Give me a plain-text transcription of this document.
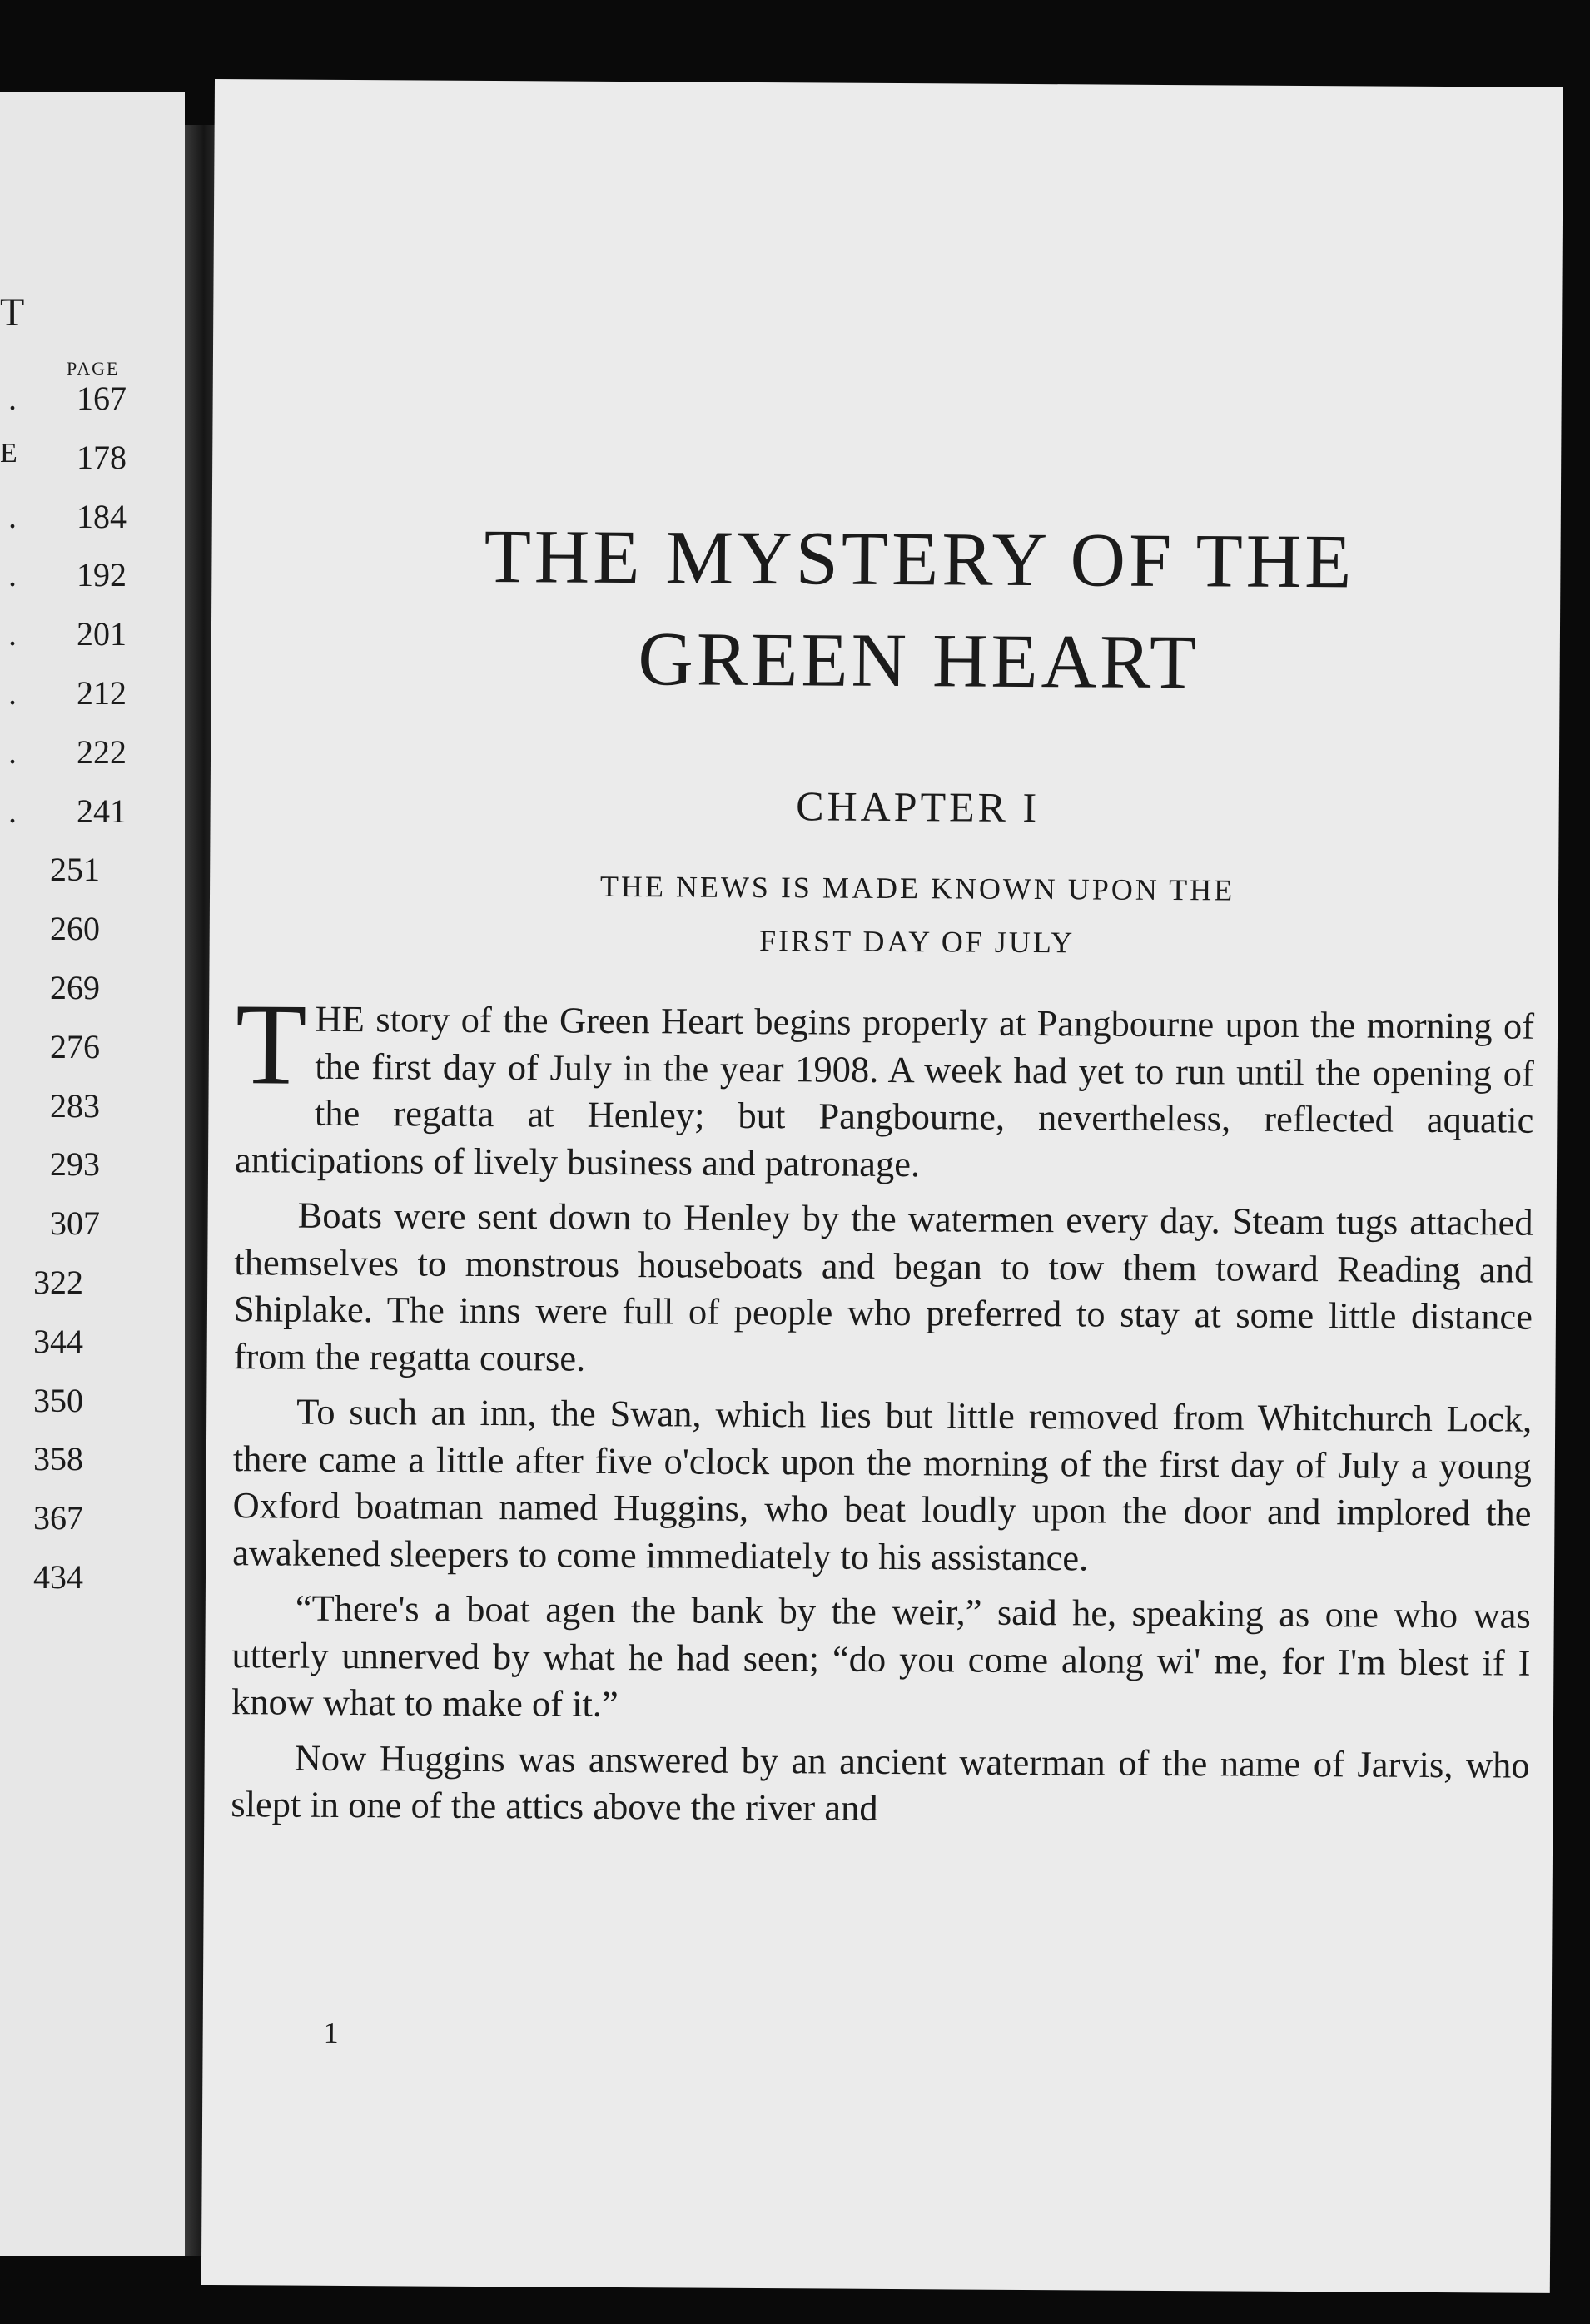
T
PAGE
. 167
E 178
. 184
. 192
. 201
. 212
. 222
. 241
251
260
269
276
283
293
307
322
344
350
358
367
434
THE MYSTERY OF THE
GREEN HEART
CHAPTER I
THE NEWS IS MADE KNOWN UPON THE
FIRST DAY OF JULY

THE story of the Green Heart begins properly at Pangbourne upon the morning of the first day of July in the year 1908. A week had yet to run until the opening of the regatta at Henley; but Pangbourne, nevertheless, reflected aquatic anticipations of lively business and patronage.

Boats were sent down to Henley by the watermen every day. Steam tugs attached themselves to monstrous houseboats and began to tow them toward Reading and Shiplake. The inns were full of people who preferred to stay at some little distance from the regatta course.

To such an inn, the Swan, which lies but little removed from Whitchurch Lock, there came a little after five o'clock upon the morning of the first day of July a young Oxford boatman named Huggins, who beat loudly upon the door and implored the awakened sleepers to come immediately to his assistance.

“There's a boat agen the bank by the weir,” said he, speaking as one who was utterly unnerved by what he had seen; “do you come along wi' me, for I'm blest if I know what to make of it.”

Now Huggins was answered by an ancient waterman of the name of Jarvis, who slept in one of the attics above the river and

1
